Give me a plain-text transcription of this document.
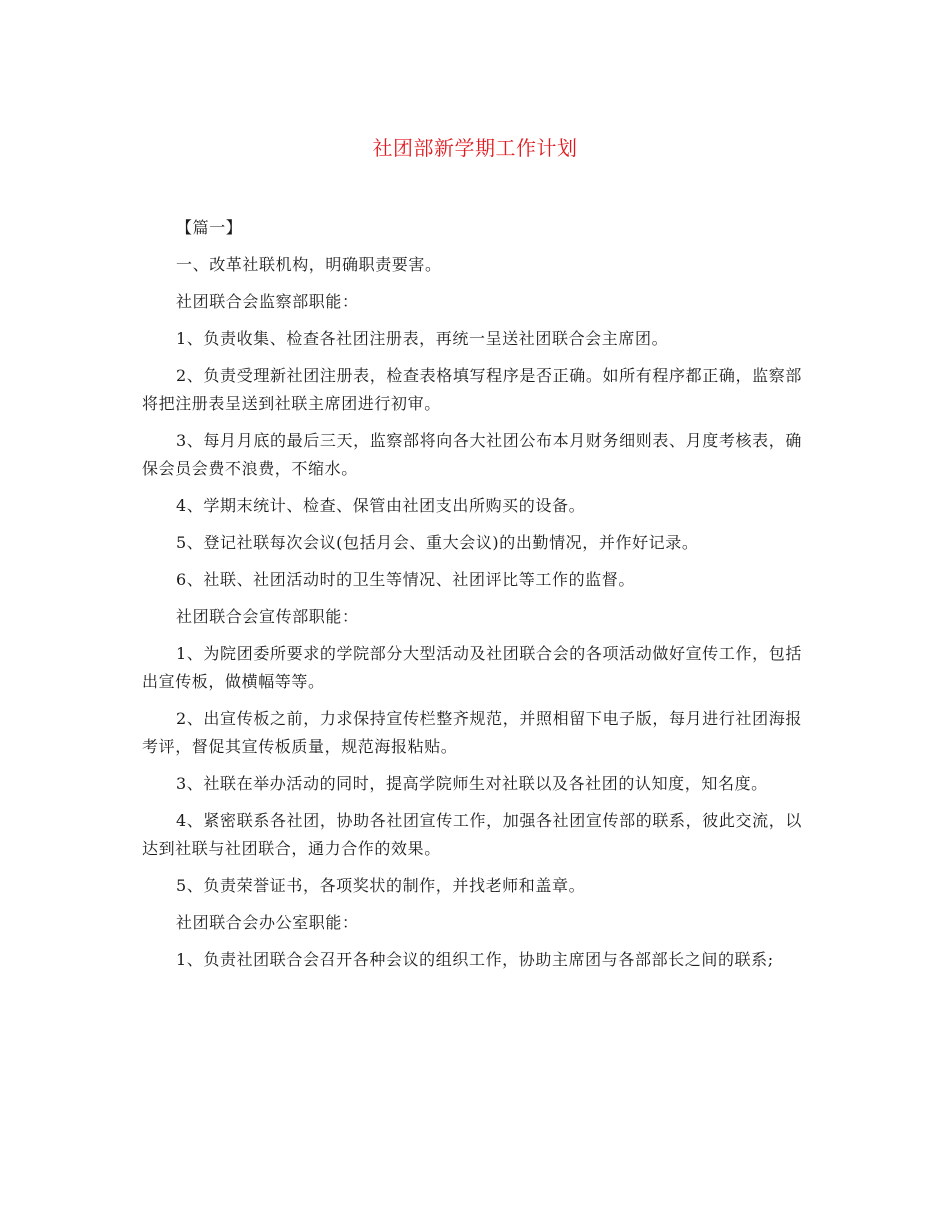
社团部新学期工作计划

【篇一】

一、改革社联机构，明确职责要害。

社团联合会监察部职能：

1、负责收集、检查各社团注册表，再统一呈送社团联合会主席团。

2、负责受理新社团注册表，检查表格填写程序是否正确。如所有程序都正确，监察部将把注册表呈送到社联主席团进行初审。

3、每月月底的最后三天，监察部将向各大社团公布本月财务细则表、月度考核表，确保会员会费不浪费，不缩水。

4、学期末统计、检查、保管由社团支出所购买的设备。

5、登记社联每次会议(包括月会、重大会议)的出勤情况，并作好记录。

6、社联、社团活动时的卫生等情况、社团评比等工作的监督。

社团联合会宣传部职能：

1、为院团委所要求的学院部分大型活动及社团联合会的各项活动做好宣传工作，包括出宣传板，做横幅等等。

2、出宣传板之前，力求保持宣传栏整齐规范，并照相留下电子版，每月进行社团海报考评，督促其宣传板质量，规范海报粘贴。

3、社联在举办活动的同时，提高学院师生对社联以及各社团的认知度，知名度。

4、紧密联系各社团，协助各社团宣传工作，加强各社团宣传部的联系，彼此交流，以达到社联与社团联合，通力合作的效果。

5、负责荣誉证书，各项奖状的制作，并找老师和盖章。

社团联合会办公室职能：

1、负责社团联合会召开各种会议的组织工作，协助主席团与各部部长之间的联系;
